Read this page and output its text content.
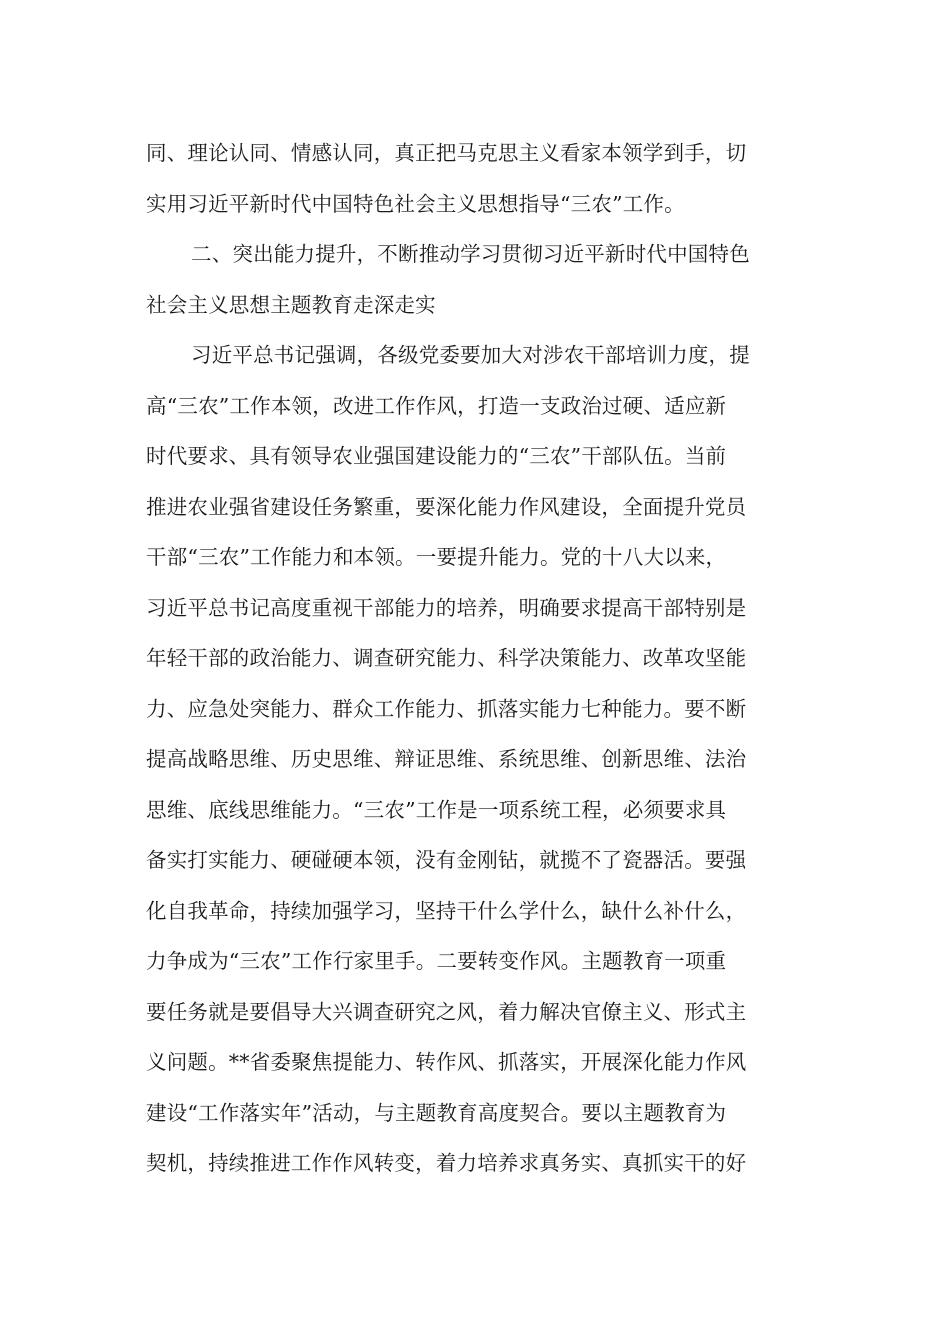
同、理论认同、情感认同，真正把马克思主义看家本领学到手，切
实用习近平新时代中国特色社会主义思想指导“三农”工作。
二、突出能力提升，不断推动学习贯彻习近平新时代中国特色
社会主义思想主题教育走深走实
习近平总书记强调，各级党委要加大对涉农干部培训力度，提
高“三农”工作本领，改进工作作风，打造一支政治过硬、适应新
时代要求、具有领导农业强国建设能力的“三农”干部队伍。当前
推进农业强省建设任务繁重，要深化能力作风建设，全面提升党员
干部“三农”工作能力和本领。一要提升能力。党的十八大以来，
习近平总书记高度重视干部能力的培养，明确要求提高干部特别是
年轻干部的政治能力、调查研究能力、科学决策能力、改革攻坚能
力、应急处突能力、群众工作能力、抓落实能力七种能力。要不断
提高战略思维、历史思维、辩证思维、系统思维、创新思维、法治
思维、底线思维能力。“三农”工作是一项系统工程，必须要求具
备实打实能力、硬碰硬本领，没有金刚钻，就揽不了瓷器活。要强
化自我革命，持续加强学习，坚持干什么学什么，缺什么补什么，
力争成为“三农”工作行家里手。二要转变作风。主题教育一项重
要任务就是要倡导大兴调查研究之风，着力解决官僚主义、形式主
义问题。**省委聚焦提能力、转作风、抓落实，开展深化能力作风
建设“工作落实年”活动，与主题教育高度契合。要以主题教育为
契机，持续推进工作作风转变，着力培养求真务实、真抓实干的好
